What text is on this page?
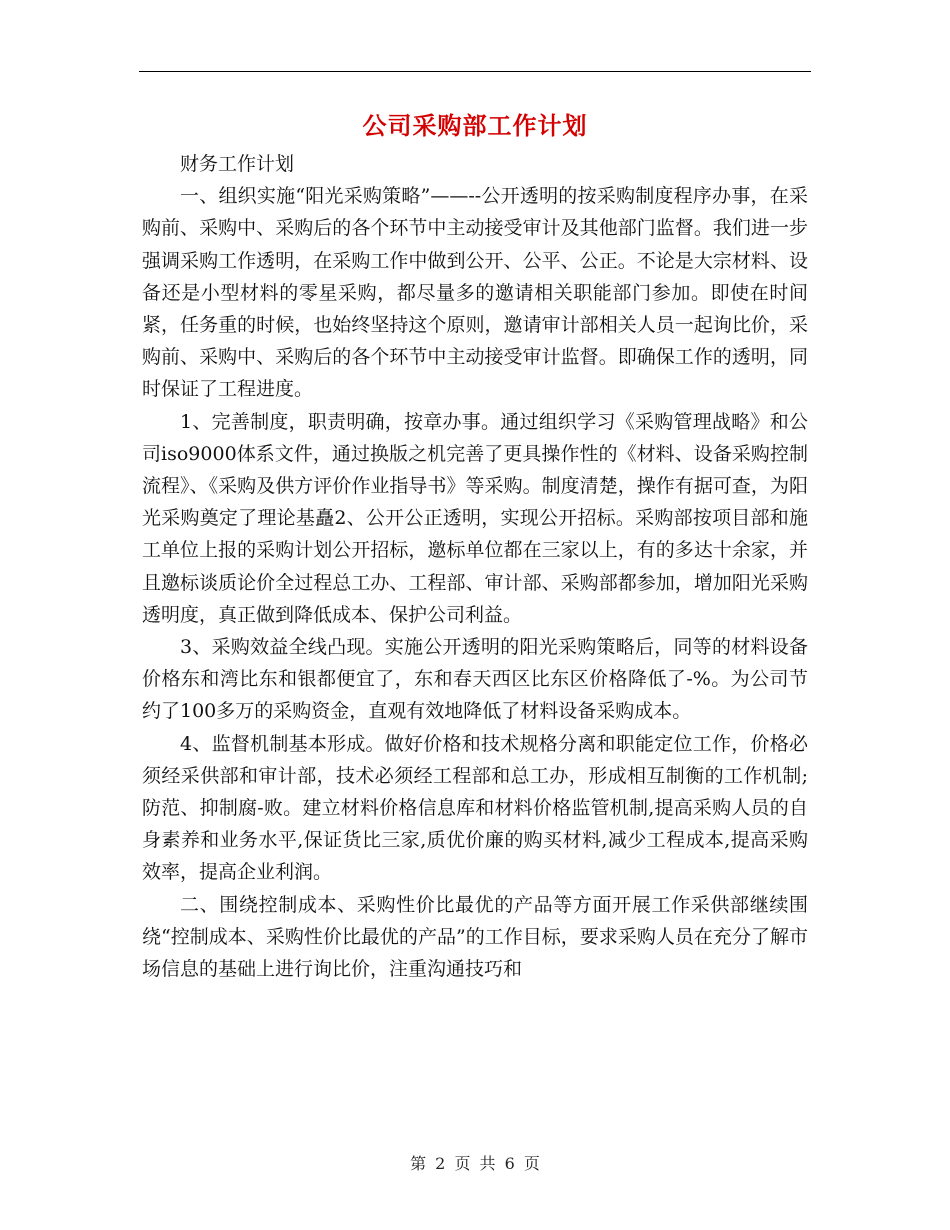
公司采购部工作计划

财务工作计划

一、组织实施“阳光采购策略”——--公开透明的按采购制度程序办事，在采购前、采购中、采购后的各个环节中主动接受审计及其他部门监督。我们进一步强调采购工作透明，在采购工作中做到公开、公平、公正。不论是大宗材料、设备还是小型材料的零星采购，都尽量多的邀请相关职能部门参加。即使在时间紧，任务重的时候，也始终坚持这个原则，邀请审计部相关人员一起询比价，采购前、采购中、采购后的各个环节中主动接受审计监督。即确保工作的透明，同时保证了工程进度。

1、完善制度，职责明确，按章办事。通过组织学习《采购管理战略》和公司iso9000体系文件，通过换版之机完善了更具操作性的《材料、设备采购控制流程》、《采购及供方评价作业指导书》等采购。制度清楚，操作有据可查，为阳光采购奠定了理论基矗2、公开公正透明，实现公开招标。采购部按项目部和施工单位上报的采购计划公开招标，邀标单位都在三家以上，有的多达十余家，并且邀标谈质论价全过程总工办、工程部、审计部、采购部都参加，增加阳光采购透明度，真正做到降低成本、保护公司利益。

3、采购效益全线凸现。实施公开透明的阳光采购策略后，同等的材料设备价格东和湾比东和银都便宜了，东和春天西区比东区价格降低了-%。为公司节约了100多万的采购资金，直观有效地降低了材料设备采购成本。

4、监督机制基本形成。做好价格和技术规格分离和职能定位工作，价格必须经采供部和审计部，技术必须经工程部和总工办，形成相互制衡的工作机制;防范、抑制腐-败。建立材料价格信息库和材料价格监管机制,提高采购人员的自身素养和业务水平,保证货比三家,质优价廉的购买材料,减少工程成本,提高采购效率，提高企业利润。

二、围绕控制成本、采购性价比最优的产品等方面开展工作采供部继续围绕“控制成本、采购性价比最优的产品”的工作目标，要求采购人员在充分了解市场信息的基础上进行询比价，注重沟通技巧和

第 2 页 共 6 页
